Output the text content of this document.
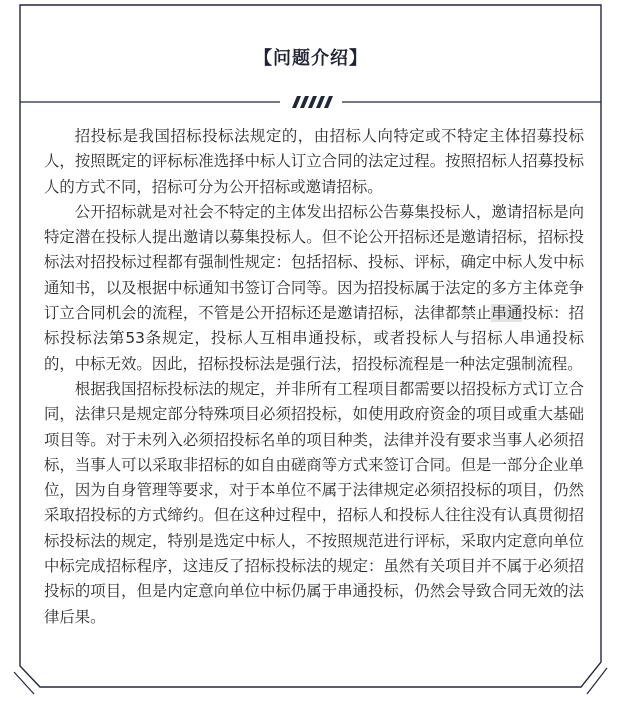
【问题介绍】

招投标是我国招标投标法规定的，由招标人向特定或不特定主体招募投标人，按照既定的评标标准选择中标人订立合同的法定过程。按照招标人招募投标人的方式不同，招标可分为公开招标或邀请招标。

公开招标就是对社会不特定的主体发出招标公告募集投标人，邀请招标是向特定潜在投标人提出邀请以募集投标人。但不论公开招标还是邀请招标，招标投标法对招投标过程都有强制性规定：包括招标、投标、评标，确定中标人发中标通知书，以及根据中标通知书签订合同等。因为招投标属于法定的多方主体竞争订立合同机会的流程，不管是公开招标还是邀请招标，法律都禁止串通投标：招标投标法第53条规定，投标人互相串通投标，或者投标人与招标人串通投标的，中标无效。因此，招标投标法是强行法，招投标流程是一种法定强制流程。

根据我国招标投标法的规定，并非所有工程项目都需要以招投标方式订立合同，法律只是规定部分特殊项目必须招投标，如使用政府资金的项目或重大基础项目等。对于未列入必须招投标名单的项目种类，法律并没有要求当事人必须招标，当事人可以采取非招标的如自由磋商等方式来签订合同。但是一部分企业单位，因为自身管理等要求，对于本单位不属于法律规定必须招投标的项目，仍然采取招投标的方式缔约。但在这种过程中，招标人和投标人往往没有认真贯彻招标投标法的规定，特别是选定中标人，不按照规范进行评标，采取内定意向单位中标完成招标程序，这违反了招标投标法的规定：虽然有关项目并不属于必须招投标的项目，但是内定意向单位中标仍属于串通投标，仍然会导致合同无效的法律后果。
